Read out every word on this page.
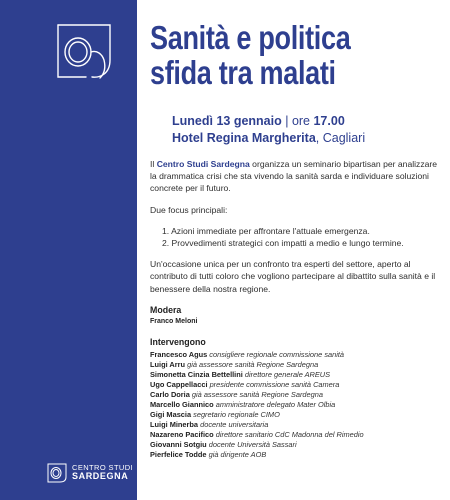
CENTRO STUDI
SARDEGNA
Sanità e politica
sfida tra malati
Lunedì 13 gennaio | ore 17.00
Hotel Regina Margherita, Cagliari

Il Centro Studi Sardegna organizza un seminario bipartisan per analizzare la drammatica crisi che sta vivendo la sanità sarda e individuare soluzioni concrete per il futuro.

Due focus principali:

1. Azioni immediate per affrontare l'attuale emergenza.
2. Provvedimenti strategici con impatti a medio e lungo termine.

Un'occasione unica per un confronto tra esperti del settore, aperto al contributo di tutti coloro che vogliono partecipare al dibattito sulla sanità e il benessere della nostra regione.

Modera
Franco Meloni
Intervengono
Francesco Agus consigliere regionale commissione sanità
Luigi Arru già assessore sanità Regione Sardegna
Simonetta Cinzia Bettellini direttore generale AREUS
Ugo Cappellacci presidente commissione sanità Camera
Carlo Doria già assessore sanità Regione Sardegna
Marcello Giannico amministratore delegato Mater Olbia
Gigi Mascia segretario regionale CIMO
Luigi Minerba docente universitaria
Nazareno Pacifico direttore sanitario CdC Madonna del Rimedio
Giovanni Sotgiu docente Università Sassari
Pierfelice Todde già dirigente AOB
